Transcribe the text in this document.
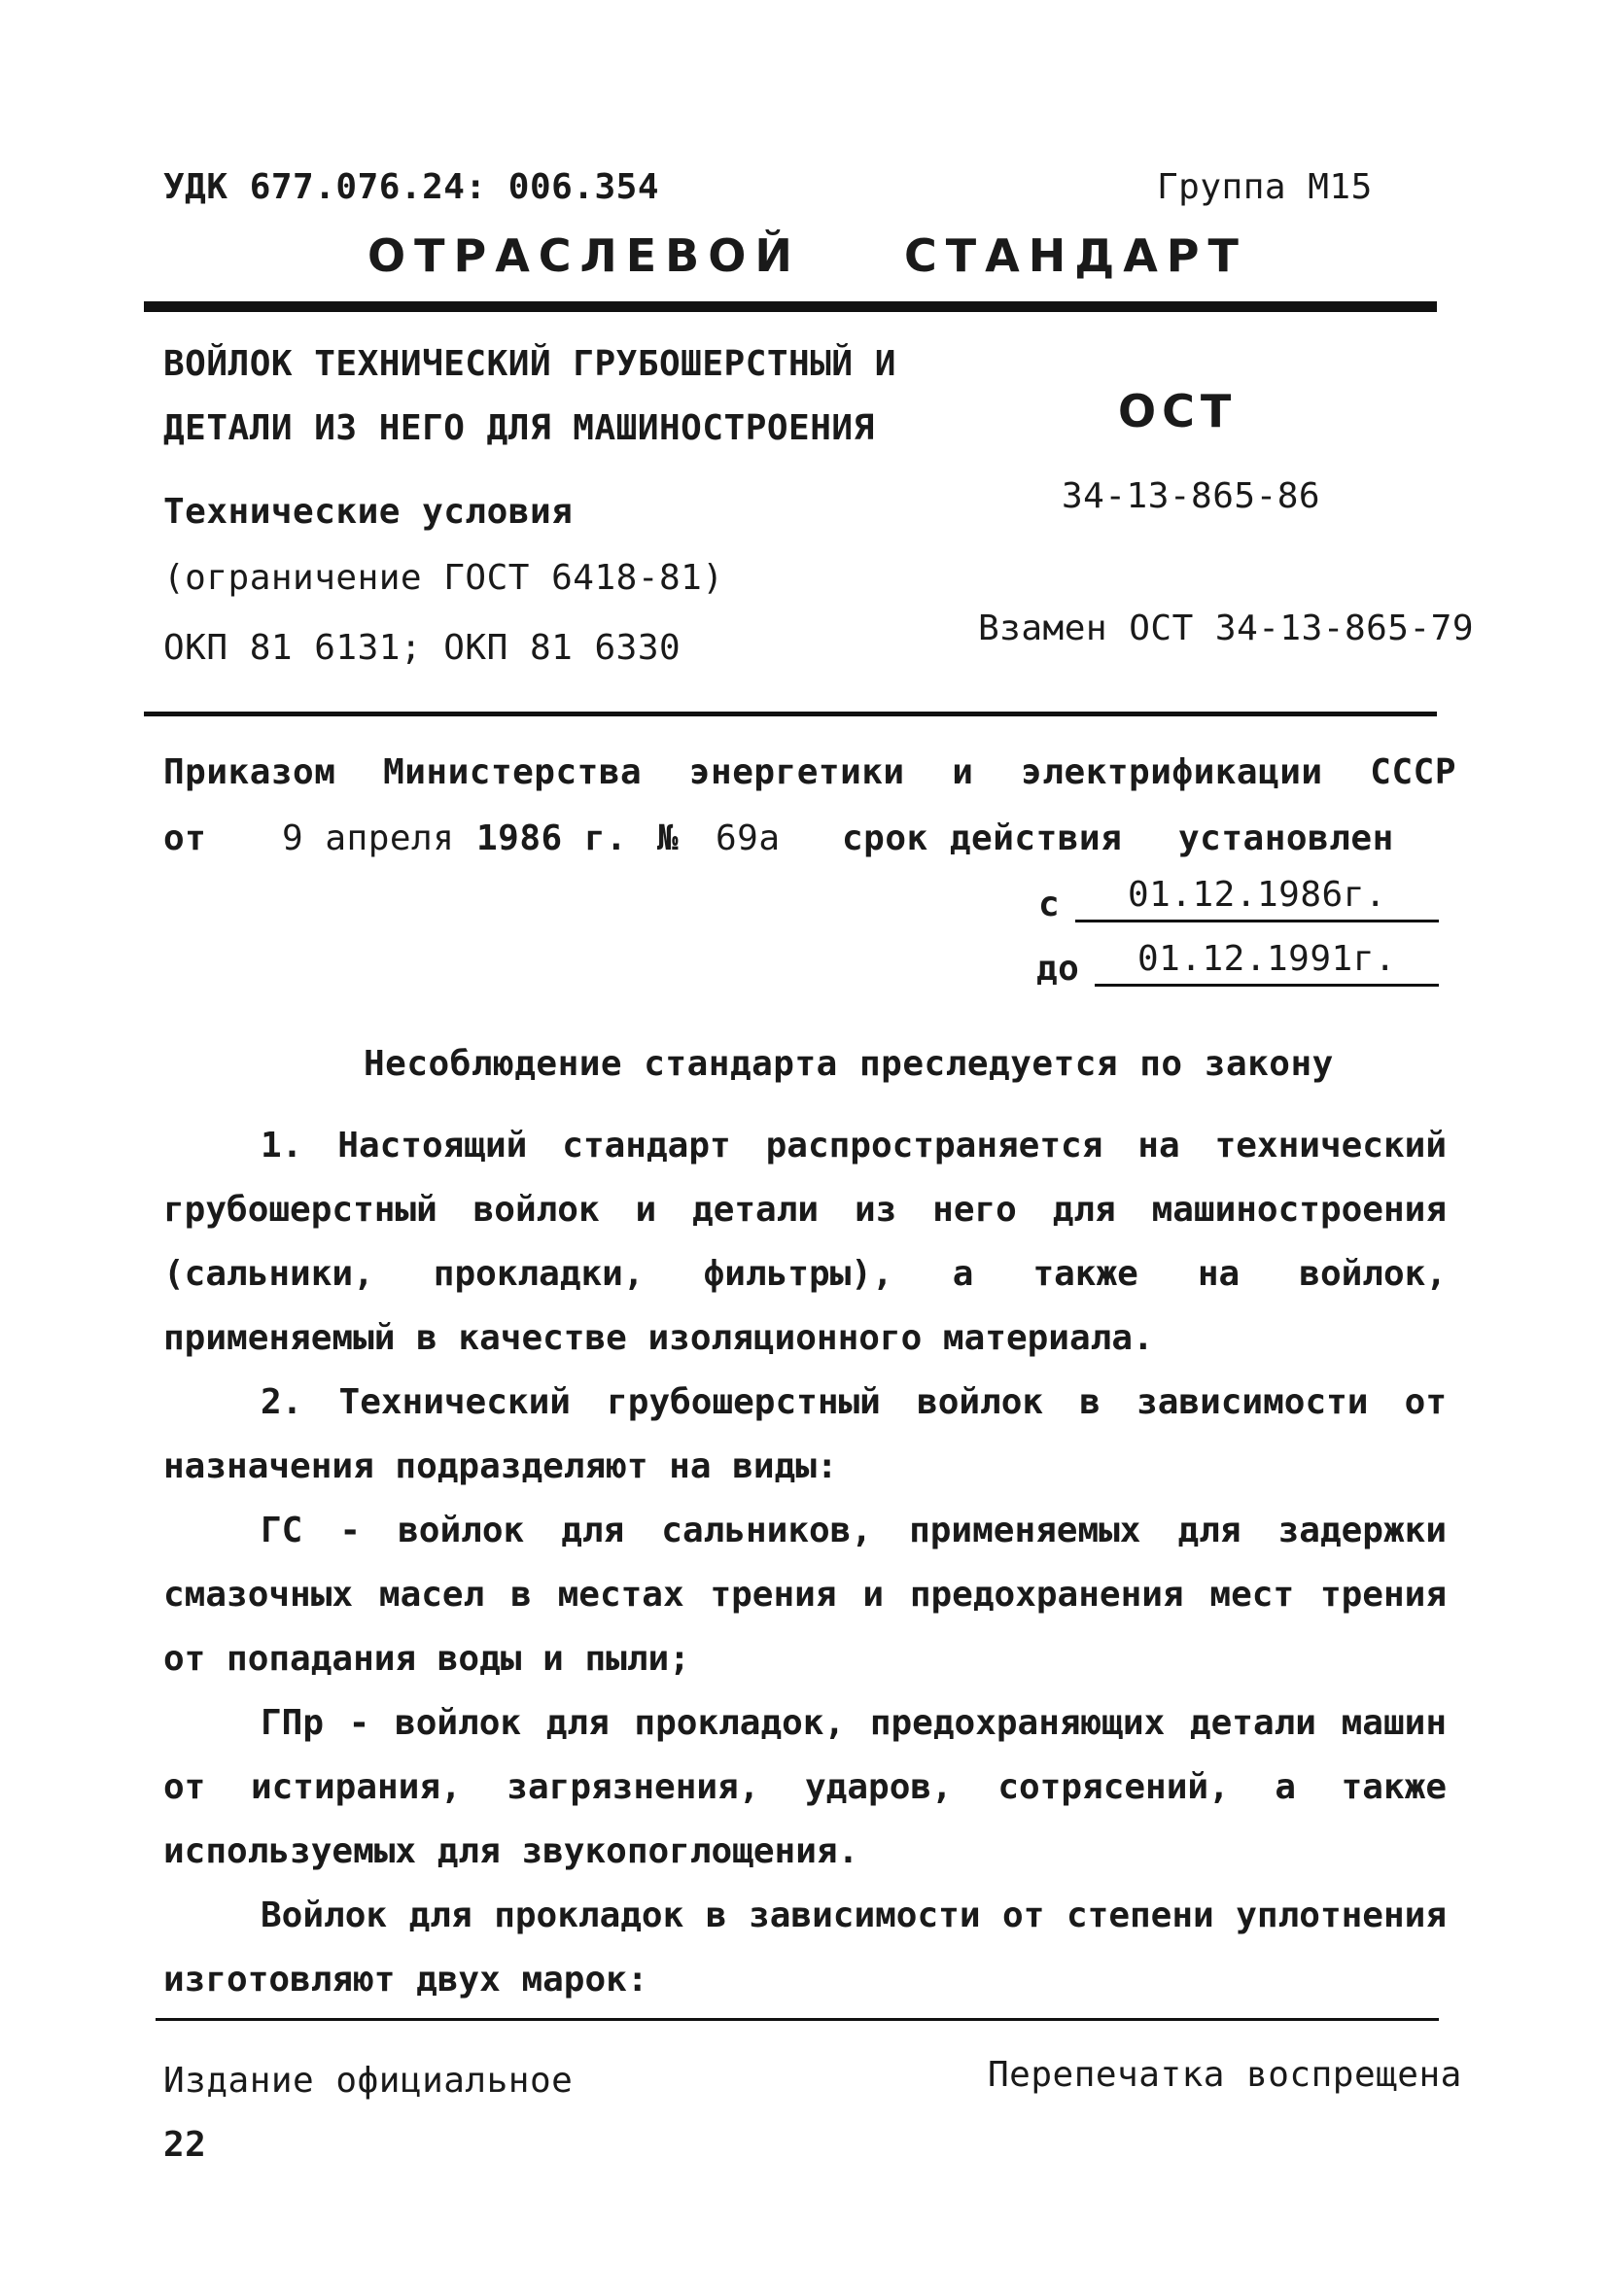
УДК 677.076.24: 006.354	Группа М15
ОТРАСЛЕВОЙ СТАНДАРТ
ВОЙЛОК ТЕХНИЧЕСКИЙ ГРУБОШЕРСТНЫЙ И
ДЕТАЛИ ИЗ НЕГО ДЛЯ МАШИНОСТРОЕНИЯ
Технические условия
(ограничение ГОСТ 6418-81)
ОКП 81 6131; ОКП 81 6330
ОСТ
34-13-865-86
Взамен ОСТ 34-13-865-79
Приказом Министерства энергетики и электрификации СССР
от 9 апреля 1986 г. № 69а срок действия установлен
с	01.12.1986г.
до	01.12.1991г.
Несоблюдение стандарта преследуется по закону
1. Настоящий стандарт распространяется на технический грубошерстный войлок и детали из него для машиностроения (сальники, прокладки, фильтры), а также на войлок, применяемый в качестве изоляционного материала.
2. Технический грубошерстный войлок в зависимости от назначения подразделяют на виды:
ГС - войлок для сальников, применяемых для задержки смазочных масел в местах трения и предохранения мест трения от попадания воды и пыли;
ГПр - войлок для прокладок, предохраняющих детали машин от истирания, загрязнения, ударов, сотрясений, а также используемых для звукопоглощения.
Войлок для прокладок в зависимости от степени уплотнения изготовляют двух марок:
Издание официальное	Перепечатка воспрещена
22
